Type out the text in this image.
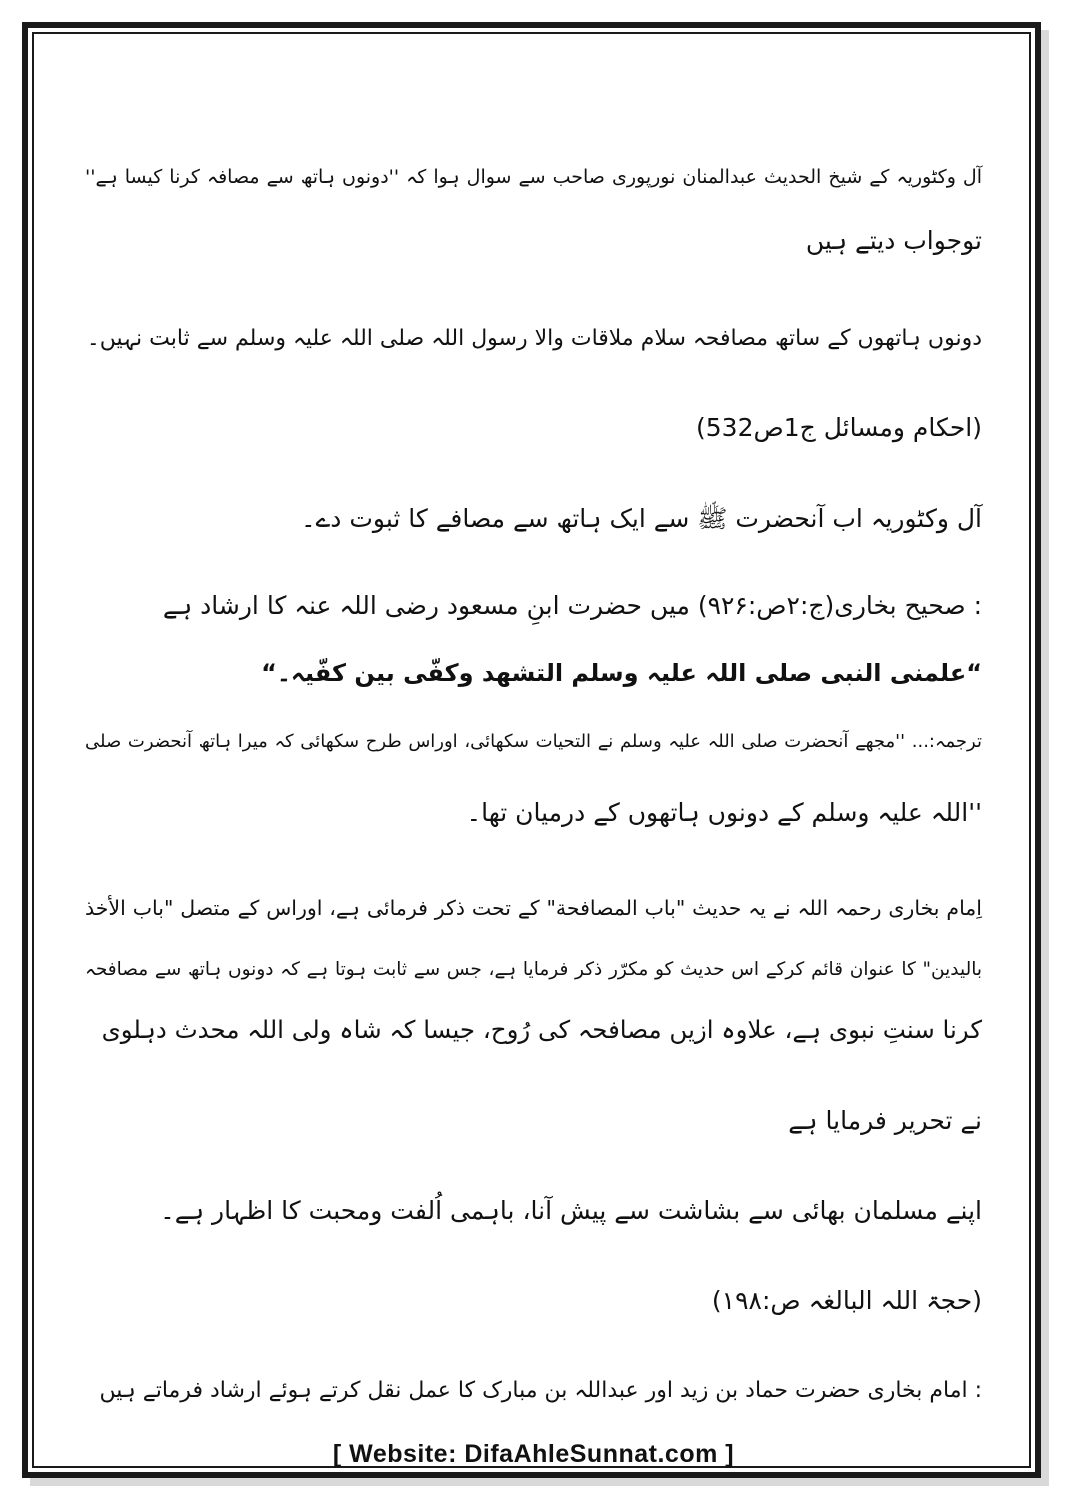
آل وکٹوریہ کے شیخ الحدیث عبدالمنان نورپوری صاحب سے سوال ہوا کہ ''دونوں ہاتھ سے مصافہ کرنا کیسا ہے''
توجواب دیتے ہیں
دونوں ہاتھوں کے ساتھ مصافحہ سلام ملاقات والا رسول اللہ صلی اللہ علیہ وسلم سے ثابت نہیں۔
(احکام ومسائل ج1ص532)
آل وکٹوریہ اب آنحضرت ﷺ سے ایک ہاتھ سے مصافے کا ثبوت دے۔
: صحیح بخاری(ج:۲ص:۹۲۶) میں حضرت ابنِ مسعود رضی اللہ عنہ کا ارشاد ہے
“علمنی النبی صلی اللہ علیہ وسلم التشھد وکفّی بین کفّیہ۔“
ترجمہ:... ''مجھے آنحضرت صلی اللہ علیہ وسلم نے التحیات سکھائی، اوراس طرح سکھائی کہ میرا ہاتھ آنحضرت صلی
''اللہ علیہ وسلم کے دونوں ہاتھوں کے درمیان تھا۔
اِمام بخاری رحمہ اللہ نے یہ حدیث "باب المصافحة" کے تحت ذکر فرمائی ہے، اوراس کے متصل "باب الأخذ
بالیدین" کا عنوان قائم کرکے اس حدیث کو مکرّر ذکر فرمایا ہے، جس سے ثابت ہوتا ہے کہ دونوں ہاتھ سے مصافحہ
کرنا سنتِ نبوی ہے، علاوہ ازیں مصافحہ کی رُوح، جیسا کہ شاہ ولی اللہ محدث دہلوی
نے تحریر فرمایا ہے
اپنے مسلمان بھائی سے بشاشت سے پیش آنا، باہمی اُلفت ومحبت کا اظہار ہے۔
(حجۃ اللہ البالغہ ص:۱۹۸)
: امام بخاری حضرت حماد بن زید اور عبداللہ بن مبارک کا عمل نقل کرتے ہوئے ارشاد فرماتے ہیں
[ Website: DifaAhleSunnat.com ]
